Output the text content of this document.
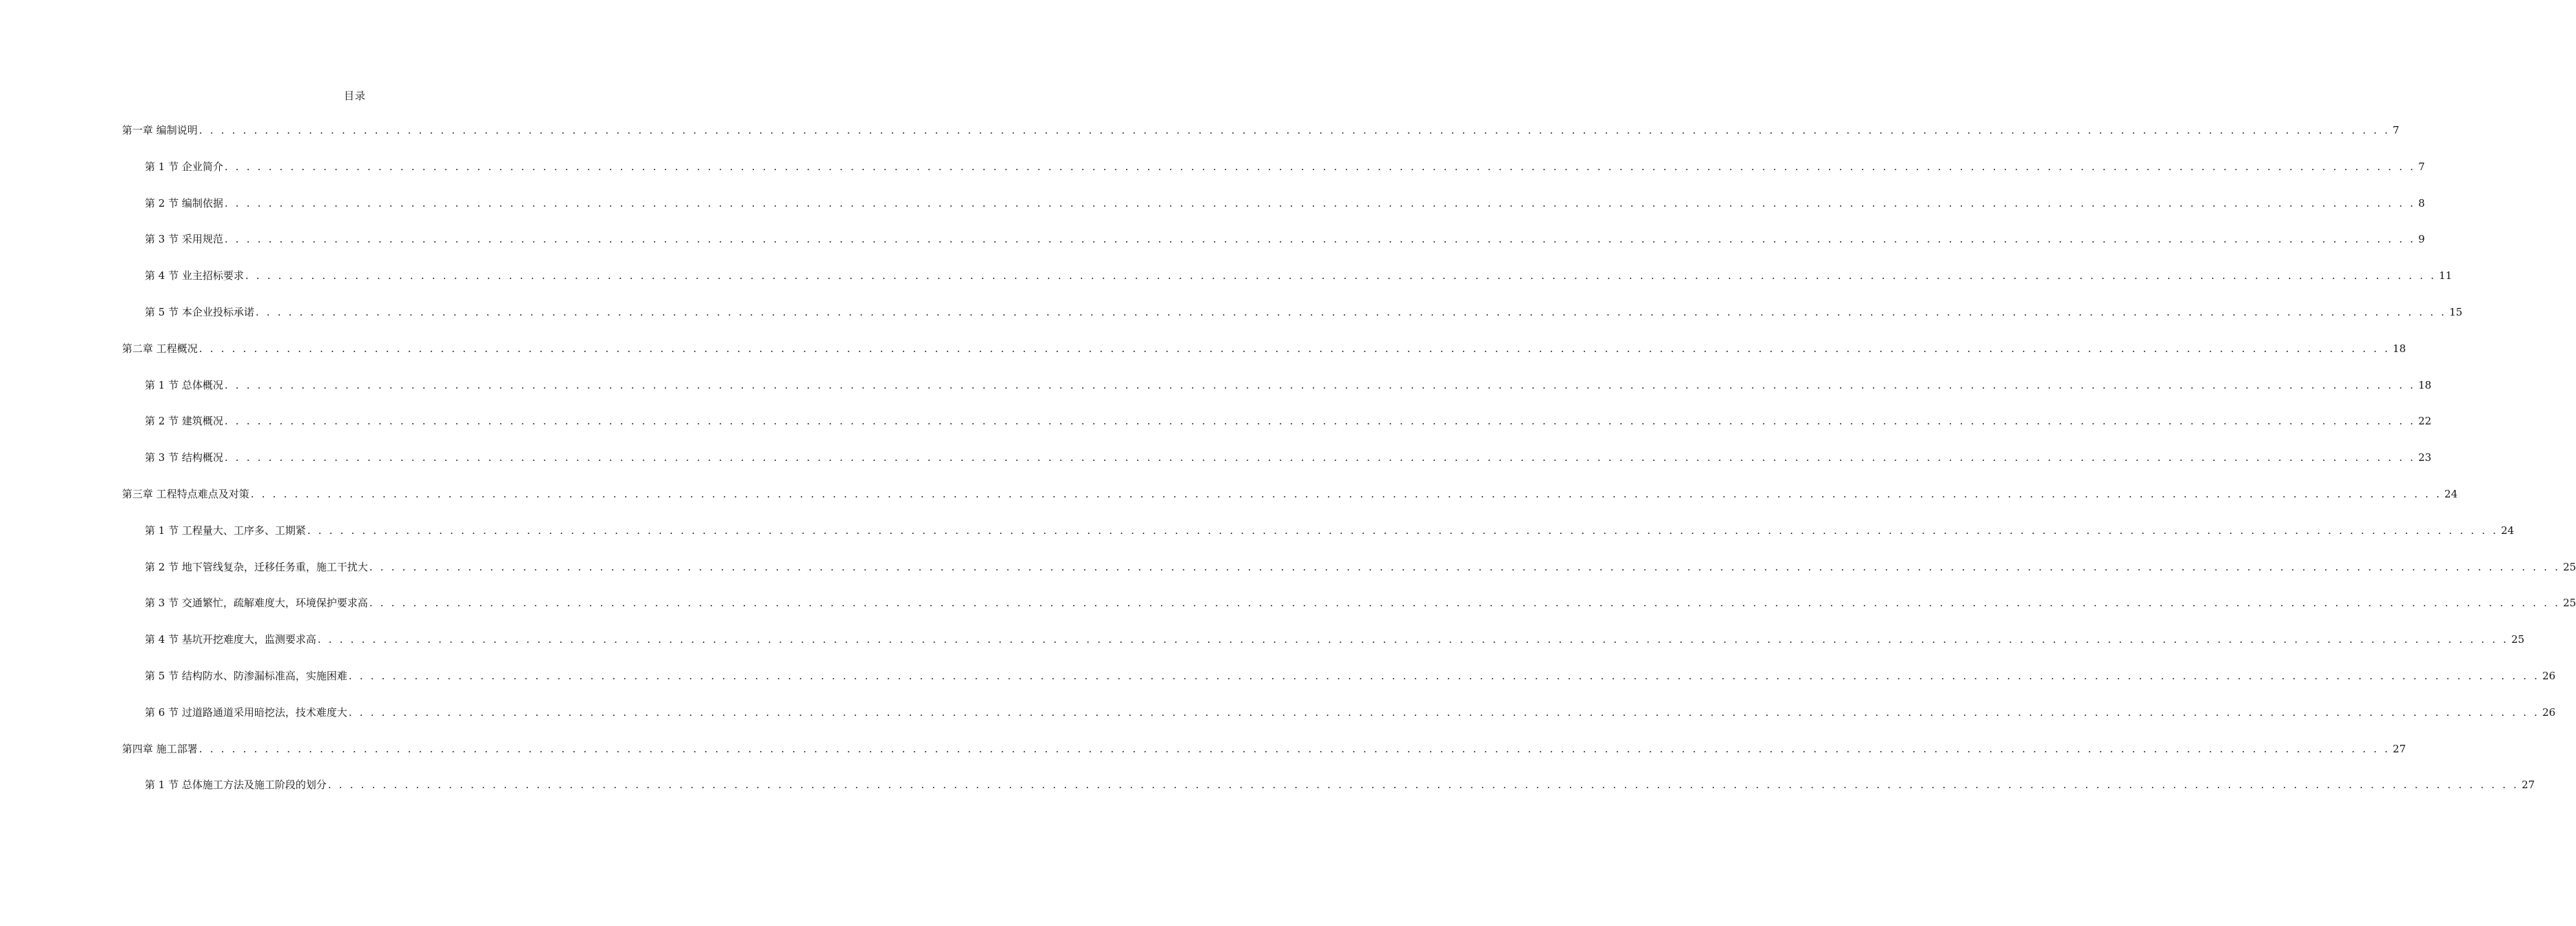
目录
第一章 编制说明 . . . . . . . . . . . . . . . . . . . . . . . . . . . . . . . . . . . . . . . . . . . . . . . . . . . . . . . . . . . . . . . . . . . . . . . . . . . . . . . . . . . . . . . . . . . . . . . . . . . . . . . . . . . . . . . . . . . . . . . . . . . . . . . . . . . . . . . . . . . . . . . . . . . . . . . . . . . . . . . . . . . . . . . . . . . . . . . . . . . . . . . . . . . . . . . . . . . . . . . . 7
第 1 节 企业简介 . . . . . . . . . . . . . . . . . . . . . . . . . . . . . . . . . . . . . . . . . . . . . . . . . . . . . . . . . . . . . . . . . . . . . . . . . . . . . . . . . . . . . . . . . . . . . . . . . . . . . . . . . . . . . . . . . . . . . . . . . . . . . . . . . . . . . . . . . . . . . . . . . . . . . . . . . . . . . . . . . . . . . . . . . . . . . . . . . . . . . . . . . . . . . . . . . . . . . . . . 7
第 2 节 编制依据 . . . . . . . . . . . . . . . . . . . . . . . . . . . . . . . . . . . . . . . . . . . . . . . . . . . . . . . . . . . . . . . . . . . . . . . . . . . . . . . . . . . . . . . . . . . . . . . . . . . . . . . . . . . . . . . . . . . . . . . . . . . . . . . . . . . . . . . . . . . . . . . . . . . . . . . . . . . . . . . . . . . . . . . . . . . . . . . . . . . . . . . . . . . . . . . . . . . . . . . . 8
第 3 节 采用规范 . . . . . . . . . . . . . . . . . . . . . . . . . . . . . . . . . . . . . . . . . . . . . . . . . . . . . . . . . . . . . . . . . . . . . . . . . . . . . . . . . . . . . . . . . . . . . . . . . . . . . . . . . . . . . . . . . . . . . . . . . . . . . . . . . . . . . . . . . . . . . . . . . . . . . . . . . . . . . . . . . . . . . . . . . . . . . . . . . . . . . . . . . . . . . . . . . . . . . . . . 9
第 4 节 业主招标要求 . . . . . . . . . . . . . . . . . . . . . . . . . . . . . . . . . . . . . . . . . . . . . . . . . . . . . . . . . . . . . . . . . . . . . . . . . . . . . . . . . . . . . . . . . . . . . . . . . . . . . . . . . . . . . . . . . . . . . . . . . . . . . . . . . . . . . . . . . . . . . . . . . . . . . . . . . . . . . . . . . . . . . . . . . . . . . . . . . . . . . . . . . . . . . . . . . . . . . . . . 11
第 5 节 本企业投标承诺 . . . . . . . . . . . . . . . . . . . . . . . . . . . . . . . . . . . . . . . . . . . . . . . . . . . . . . . . . . . . . . . . . . . . . . . . . . . . . . . . . . . . . . . . . . . . . . . . . . . . . . . . . . . . . . . . . . . . . . . . . . . . . . . . . . . . . . . . . . . . . . . . . . . . . . . . . . . . . . . . . . . . . . . . . . . . . . . . . . . . . . . . . . . . . . . . . . . . . . . . 15
第二章 工程概况 . . . . . . . . . . . . . . . . . . . . . . . . . . . . . . . . . . . . . . . . . . . . . . . . . . . . . . . . . . . . . . . . . . . . . . . . . . . . . . . . . . . . . . . . . . . . . . . . . . . . . . . . . . . . . . . . . . . . . . . . . . . . . . . . . . . . . . . . . . . . . . . . . . . . . . . . . . . . . . . . . . . . . . . . . . . . . . . . . . . . . . . . . . . . . . . . . . . . . . . . 18
第 1 节 总体概况 . . . . . . . . . . . . . . . . . . . . . . . . . . . . . . . . . . . . . . . . . . . . . . . . . . . . . . . . . . . . . . . . . . . . . . . . . . . . . . . . . . . . . . . . . . . . . . . . . . . . . . . . . . . . . . . . . . . . . . . . . . . . . . . . . . . . . . . . . . . . . . . . . . . . . . . . . . . . . . . . . . . . . . . . . . . . . . . . . . . . . . . . . . . . . . . . . . . . . . . . 18
第 2 节 建筑概况 . . . . . . . . . . . . . . . . . . . . . . . . . . . . . . . . . . . . . . . . . . . . . . . . . . . . . . . . . . . . . . . . . . . . . . . . . . . . . . . . . . . . . . . . . . . . . . . . . . . . . . . . . . . . . . . . . . . . . . . . . . . . . . . . . . . . . . . . . . . . . . . . . . . . . . . . . . . . . . . . . . . . . . . . . . . . . . . . . . . . . . . . . . . . . . . . . . . . . . . . 22
第 3 节 结构概况 . . . . . . . . . . . . . . . . . . . . . . . . . . . . . . . . . . . . . . . . . . . . . . . . . . . . . . . . . . . . . . . . . . . . . . . . . . . . . . . . . . . . . . . . . . . . . . . . . . . . . . . . . . . . . . . . . . . . . . . . . . . . . . . . . . . . . . . . . . . . . . . . . . . . . . . . . . . . . . . . . . . . . . . . . . . . . . . . . . . . . . . . . . . . . . . . . . . . . . . . 23
第三章 工程特点难点及对策 . . . . . . . . . . . . . . . . . . . . . . . . . . . . . . . . . . . . . . . . . . . . . . . . . . . . . . . . . . . . . . . . . . . . . . . . . . . . . . . . . . . . . . . . . . . . . . . . . . . . . . . . . . . . . . . . . . . . . . . . . . . . . . . . . . . . . . . . . . . . . . . . . . . . . . . . . . . . . . . . . . . . . . . . . . . . . . . . . . . . . . . . . . . . . . . . . . . . . . . . 24
第 1 节 工程量大、工序多、工期紧 . . . . . . . . . . . . . . . . . . . . . . . . . . . . . . . . . . . . . . . . . . . . . . . . . . . . . . . . . . . . . . . . . . . . . . . . . . . . . . . . . . . . . . . . . . . . . . . . . . . . . . . . . . . . . . . . . . . . . . . . . . . . . . . . . . . . . . . . . . . . . . . . . . . . . . . . . . . . . . . . . . . . . . . . . . . . . . . . . . . . . . . . . . . . . . . . . . . . . . . . 24
第 2 节 地下管线复杂，迁移任务重，施工干扰大 . . . . . . . . . . . . . . . . . . . . . . . . . . . . . . . . . . . . . . . . . . . . . . . . . . . . . . . . . . . . . . . . . . . . . . . . . . . . . . . . . . . . . . . . . . . . . . . . . . . . . . . . . . . . . . . . . . . . . . . . . . . . . . . . . . . . . . . . . . . . . . . . . . . . . . . . . . . . . . . . . . . . . . . . . . . . . . . . . . . . . . . . . . . . . . . . . . . . . . . . 25
第 3 节 交通繁忙，疏解难度大，环境保护要求高 . . . . . . . . . . . . . . . . . . . . . . . . . . . . . . . . . . . . . . . . . . . . . . . . . . . . . . . . . . . . . . . . . . . . . . . . . . . . . . . . . . . . . . . . . . . . . . . . . . . . . . . . . . . . . . . . . . . . . . . . . . . . . . . . . . . . . . . . . . . . . . . . . . . . . . . . . . . . . . . . . . . . . . . . . . . . . . . . . . . . . . . . . . . . . . . . . . . . . . . . 25
第 4 节 基坑开挖难度大，监测要求高 . . . . . . . . . . . . . . . . . . . . . . . . . . . . . . . . . . . . . . . . . . . . . . . . . . . . . . . . . . . . . . . . . . . . . . . . . . . . . . . . . . . . . . . . . . . . . . . . . . . . . . . . . . . . . . . . . . . . . . . . . . . . . . . . . . . . . . . . . . . . . . . . . . . . . . . . . . . . . . . . . . . . . . . . . . . . . . . . . . . . . . . . . . . . . . . . . . . . . . . . 25
第 5 节 结构防水、防渗漏标准高，实施困难 . . . . . . . . . . . . . . . . . . . . . . . . . . . . . . . . . . . . . . . . . . . . . . . . . . . . . . . . . . . . . . . . . . . . . . . . . . . . . . . . . . . . . . . . . . . . . . . . . . . . . . . . . . . . . . . . . . . . . . . . . . . . . . . . . . . . . . . . . . . . . . . . . . . . . . . . . . . . . . . . . . . . . . . . . . . . . . . . . . . . . . . . . . . . . . . . . . . . . . . . 26
第 6 节 过道路通道采用暗挖法，技术难度大 . . . . . . . . . . . . . . . . . . . . . . . . . . . . . . . . . . . . . . . . . . . . . . . . . . . . . . . . . . . . . . . . . . . . . . . . . . . . . . . . . . . . . . . . . . . . . . . . . . . . . . . . . . . . . . . . . . . . . . . . . . . . . . . . . . . . . . . . . . . . . . . . . . . . . . . . . . . . . . . . . . . . . . . . . . . . . . . . . . . . . . . . . . . . . . . . . . . . . . . . 26
第四章 施工部署 . . . . . . . . . . . . . . . . . . . . . . . . . . . . . . . . . . . . . . . . . . . . . . . . . . . . . . . . . . . . . . . . . . . . . . . . . . . . . . . . . . . . . . . . . . . . . . . . . . . . . . . . . . . . . . . . . . . . . . . . . . . . . . . . . . . . . . . . . . . . . . . . . . . . . . . . . . . . . . . . . . . . . . . . . . . . . . . . . . . . . . . . . . . . . . . . . . . . . . . . 27
第 1 节 总体施工方法及施工阶段的划分 . . . . . . . . . . . . . . . . . . . . . . . . . . . . . . . . . . . . . . . . . . . . . . . . . . . . . . . . . . . . . . . . . . . . . . . . . . . . . . . . . . . . . . . . . . . . . . . . . . . . . . . . . . . . . . . . . . . . . . . . . . . . . . . . . . . . . . . . . . . . . . . . . . . . . . . . . . . . . . . . . . . . . . . . . . . . . . . . . . . . . . . . . . . . . . . . . . . . . . . . 27
